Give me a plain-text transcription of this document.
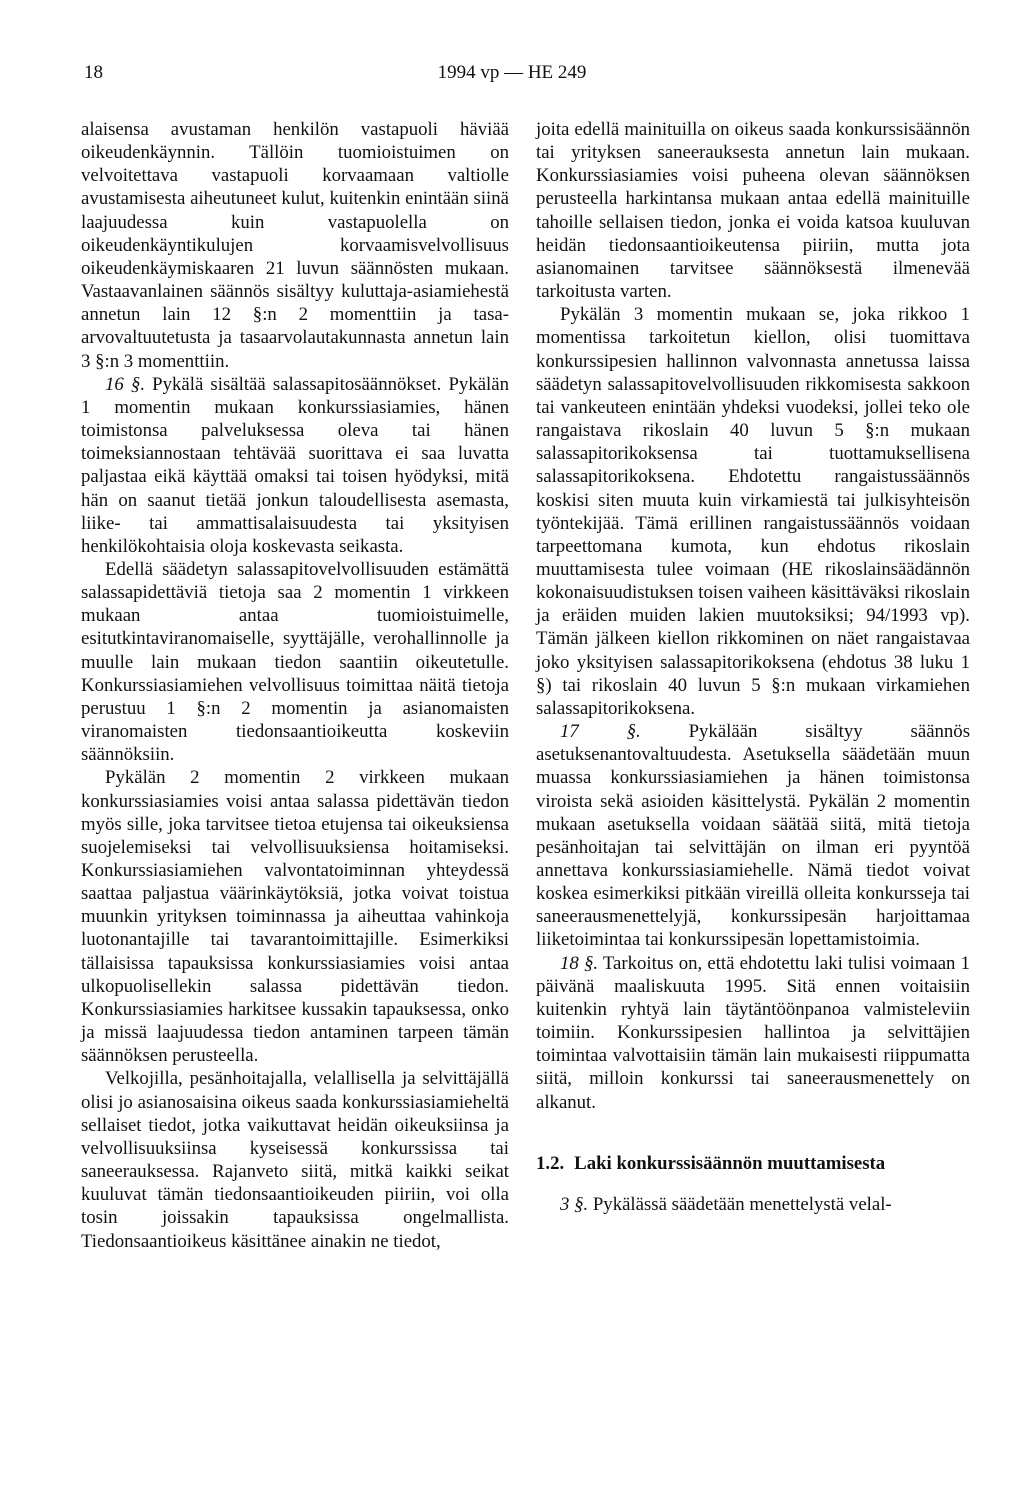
18	1994 vp — HE 249

alaisensa avustaman henkilön vastapuoli häviää oikeudenkäynnin. Tällöin tuomioistuimen on velvoitettava vastapuoli korvaamaan valtiolle avustamisesta aiheutuneet kulut, kuitenkin enintään siinä laajuudessa kuin vastapuolella on oikeudenkäyntikulujen korvaamisvelvollisuus oikeudenkäymiskaaren 21 luvun säännösten mukaan. Vastaavanlainen säännös sisältyy kuluttaja-asiamiehestä annetun lain 12 §:n 2 momenttiin ja tasa-arvovaltuutetusta ja tasaarvolautakunnasta annetun lain 3 §:n 3 momenttiin.

16 §. Pykälä sisältää salassapitosäännökset. Pykälän 1 momentin mukaan konkurssiasiamies, hänen toimistonsa palveluksessa oleva tai hänen toimeksiannostaan tehtävää suorittava ei saa luvatta paljastaa eikä käyttää omaksi tai toisen hyödyksi, mitä hän on saanut tietää jonkun taloudellisesta asemasta, liike- tai ammattisalaisuudesta tai yksityisen henkilökohtaisia oloja koskevasta seikasta.

Edellä säädetyn salassapitovelvollisuuden estämättä salassapidettäviä tietoja saa 2 momentin 1 virkkeen mukaan antaa tuomioistuimelle, esitutkintaviranomaiselle, syyttäjälle, verohallinnolle ja muulle lain mukaan tiedon saantiin oikeutetulle. Konkurssiasiamiehen velvollisuus toimittaa näitä tietoja perustuu 1 §:n 2 momentin ja asianomaisten viranomaisten tiedonsaantioikeutta koskeviin säännöksiin.

Pykälän 2 momentin 2 virkkeen mukaan konkurssiasiamies voisi antaa salassa pidettävän tiedon myös sille, joka tarvitsee tietoa etujensa tai oikeuksiensa suojelemiseksi tai velvollisuuksiensa hoitamiseksi. Konkurssiasiamiehen valvontatoiminnan yhteydessä saattaa paljastua väärinkäytöksiä, jotka voivat toistua muunkin yrityksen toiminnassa ja aiheuttaa vahinkoja luotonantajille tai tavarantoimittajille. Esimerkiksi tällaisissa tapauksissa konkurssiasiamies voisi antaa ulkopuolisellekin salassa pidettävän tiedon. Konkurssiasiamies harkitsee kussakin tapauksessa, onko ja missä laajuudessa tiedon antaminen tarpeen tämän säännöksen perusteella.

Velkojilla, pesänhoitajalla, velallisella ja selvittäjällä olisi jo asianosaisina oikeus saada konkurssiasiamieheltä sellaiset tiedot, jotka vaikuttavat heidän oikeuksiinsa ja velvollisuuksiinsa kyseisessä konkurssissa tai saneerauksessa. Rajanveto siitä, mitkä kaikki seikat kuuluvat tämän tiedonsaantioikeuden piiriin, voi olla tosin joissakin tapauksissa ongelmallista. Tiedonsaantioikeus käsittänee ainakin ne tiedot,

joita edellä mainituilla on oikeus saada konkurssisäännön tai yrityksen saneerauksesta annetun lain mukaan. Konkurssiasiamies voisi puheena olevan säännöksen perusteella harkintansa mukaan antaa edellä mainituille tahoille sellaisen tiedon, jonka ei voida katsoa kuuluvan heidän tiedonsaantioikeutensa piiriin, mutta jota asianomainen tarvitsee säännöksestä ilmenevää tarkoitusta varten.

Pykälän 3 momentin mukaan se, joka rikkoo 1 momentissa tarkoitetun kiellon, olisi tuomittava konkurssipesien hallinnon valvonnasta annetussa laissa säädetyn salassapitovelvollisuuden rikkomisesta sakkoon tai vankeuteen enintään yhdeksi vuodeksi, jollei teko ole rangaistava rikoslain 40 luvun 5 §:n mukaan salassapitorikoksensa tai tuottamuksellisena salassapitorikoksena. Ehdotettu rangaistussäännös koskisi siten muuta kuin virkamiestä tai julkisyhteisön työntekijää. Tämä erillinen rangaistussäännös voidaan tarpeettomana kumota, kun ehdotus rikoslain muuttamisesta tulee voimaan (HE rikoslainsäädännön kokonaisuudistuksen toisen vaiheen käsittäväksi rikoslain ja eräiden muiden lakien muutoksiksi; 94/1993 vp). Tämän jälkeen kiellon rikkominen on näet rangaistavaa joko yksityisen salassapitorikoksena (ehdotus 38 luku 1 §) tai rikoslain 40 luvun 5 §:n mukaan virkamiehen salassapitorikoksena.

17 §. Pykälään sisältyy säännös asetuksenantovaltuudesta. Asetuksella säädetään muun muassa konkurssiasiamiehen ja hänen toimistonsa viroista sekä asioiden käsittelystä. Pykälän 2 momentin mukaan asetuksella voidaan säätää siitä, mitä tietoja pesänhoitajan tai selvittäjän on ilman eri pyyntöä annettava konkurssiasiamiehelle. Nämä tiedot voivat koskea esimerkiksi pitkään vireillä olleita konkursseja tai saneerausmenettelyjä, konkurssipesän harjoittamaa liiketoimintaa tai konkurssipesän lopettamistoimia.

18 §. Tarkoitus on, että ehdotettu laki tulisi voimaan 1 päivänä maaliskuuta 1995. Sitä ennen voitaisiin kuitenkin ryhtyä lain täytäntöönpanoa valmisteleviin toimiin. Konkurssipesien hallintoa ja selvittäjien toimintaa valvottaisiin tämän lain mukaisesti riippumatta siitä, milloin konkurssi tai saneerausmenettely on alkanut.

1.2. Laki konkurssisäännön muuttamisesta

3 §. Pykälässä säädetään menettelystä velal-
